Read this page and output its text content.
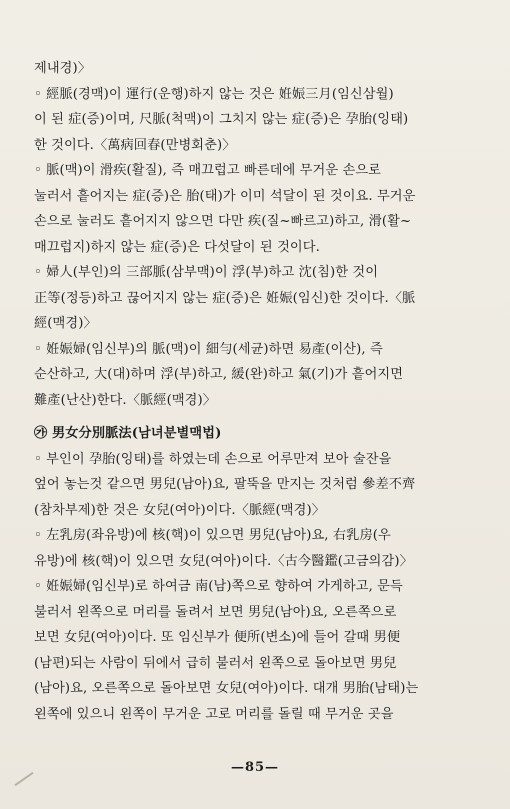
제내경)〉
◦ 經脈(경맥)이 運行(운행)하지 않는 것은 姙娠三月(임신삼월)
이 된 症(증)이며, 尺脈(척맥)이 그치지 않는 症(증)은 孕胎(잉태)
한 것이다.〈萬病回春(만병회춘)〉
◦ 脈(맥)이 滑疾(활질), 즉 매끄럽고 빠른데에 무거운 손으로
눌러서 흩어지는 症(증)은 胎(태)가 이미 석달이 된 것이요. 무거운
손으로 눌러도 흩어지지 않으면 다만 疾(질~빠르고)하고, 滑(활~
매끄럽지)하지 않는 症(증)은 다섯달이 된 것이다.
◦ 婦人(부인)의 三部脈(삼부맥)이 浮(부)하고 沈(침)한 것이
正等(정등)하고 끊어지지 않는 症(증)은 姙娠(임신)한 것이다.〈脈
經(맥경)〉
◦ 姙娠婦(임신부)의 脈(맥)이 細勻(세균)하면 易產(이산), 즉
순산하고, 大(대)하며 浮(부)하고, 緩(완)하고 氣(기)가 흩어지면
難產(난산)한다.〈脈經(맥경)〉
㉮ 男女分別脈法(남녀분별맥법)
◦ 부인이 孕胎(잉태)를 하였는데 손으로 어루만져 보아 술잔을
엎어 놓는것 같으면 男兒(남아)요, 팔뚝을 만지는 것처럼 參差不齊
(참차부제)한 것은 女兒(여아)이다.〈脈經(맥경)〉
◦ 左乳房(좌유방)에 核(핵)이 있으면 男兒(남아)요, 右乳房(우
유방)에 核(핵)이 있으면 女兒(여아)이다.〈古今醫鑑(고금의감)〉
◦ 姙娠婦(임신부)로 하여금 南(남)쪽으로 향하여 가게하고, 문득
불러서 왼쪽으로 머리를 돌려서 보면 男兒(남아)요, 오른쪽으로
보면 女兒(여아)이다. 또 임신부가 便所(변소)에 들어 갈때 男便
(남편)되는 사람이 뒤에서 급히 불러서 왼쪽으로 돌아보면 男兒
(남아)요, 오른쪽으로 돌아보면 女兒(여아)이다. 대개 男胎(남태)는
왼쪽에 있으니 왼쪽이 무거운 고로 머리를 돌릴 때 무거운 곳을
—85—
